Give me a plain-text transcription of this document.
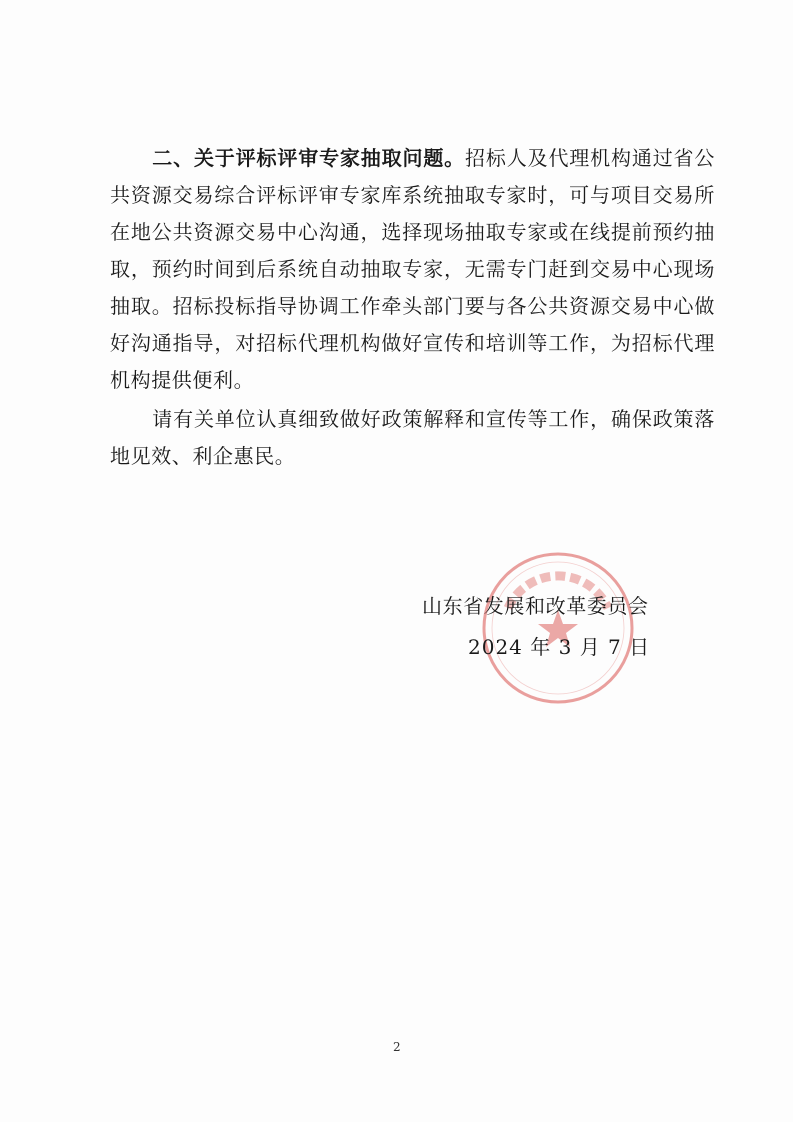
二、关于评标评审专家抽取问题。招标人及代理机构通过省公共资源交易综合评标评审专家库系统抽取专家时，可与项目交易所在地公共资源交易中心沟通，选择现场抽取专家或在线提前预约抽取，预约时间到后系统自动抽取专家，无需专门赶到交易中心现场抽取。招标投标指导协调工作牵头部门要与各公共资源交易中心做好沟通指导，对招标代理机构做好宣传和培训等工作，为招标代理机构提供便利。
请有关单位认真细致做好政策解释和宣传等工作，确保政策落地见效、利企惠民。
山东省发展和改革委员会
2024 年 3 月 7 日
2
